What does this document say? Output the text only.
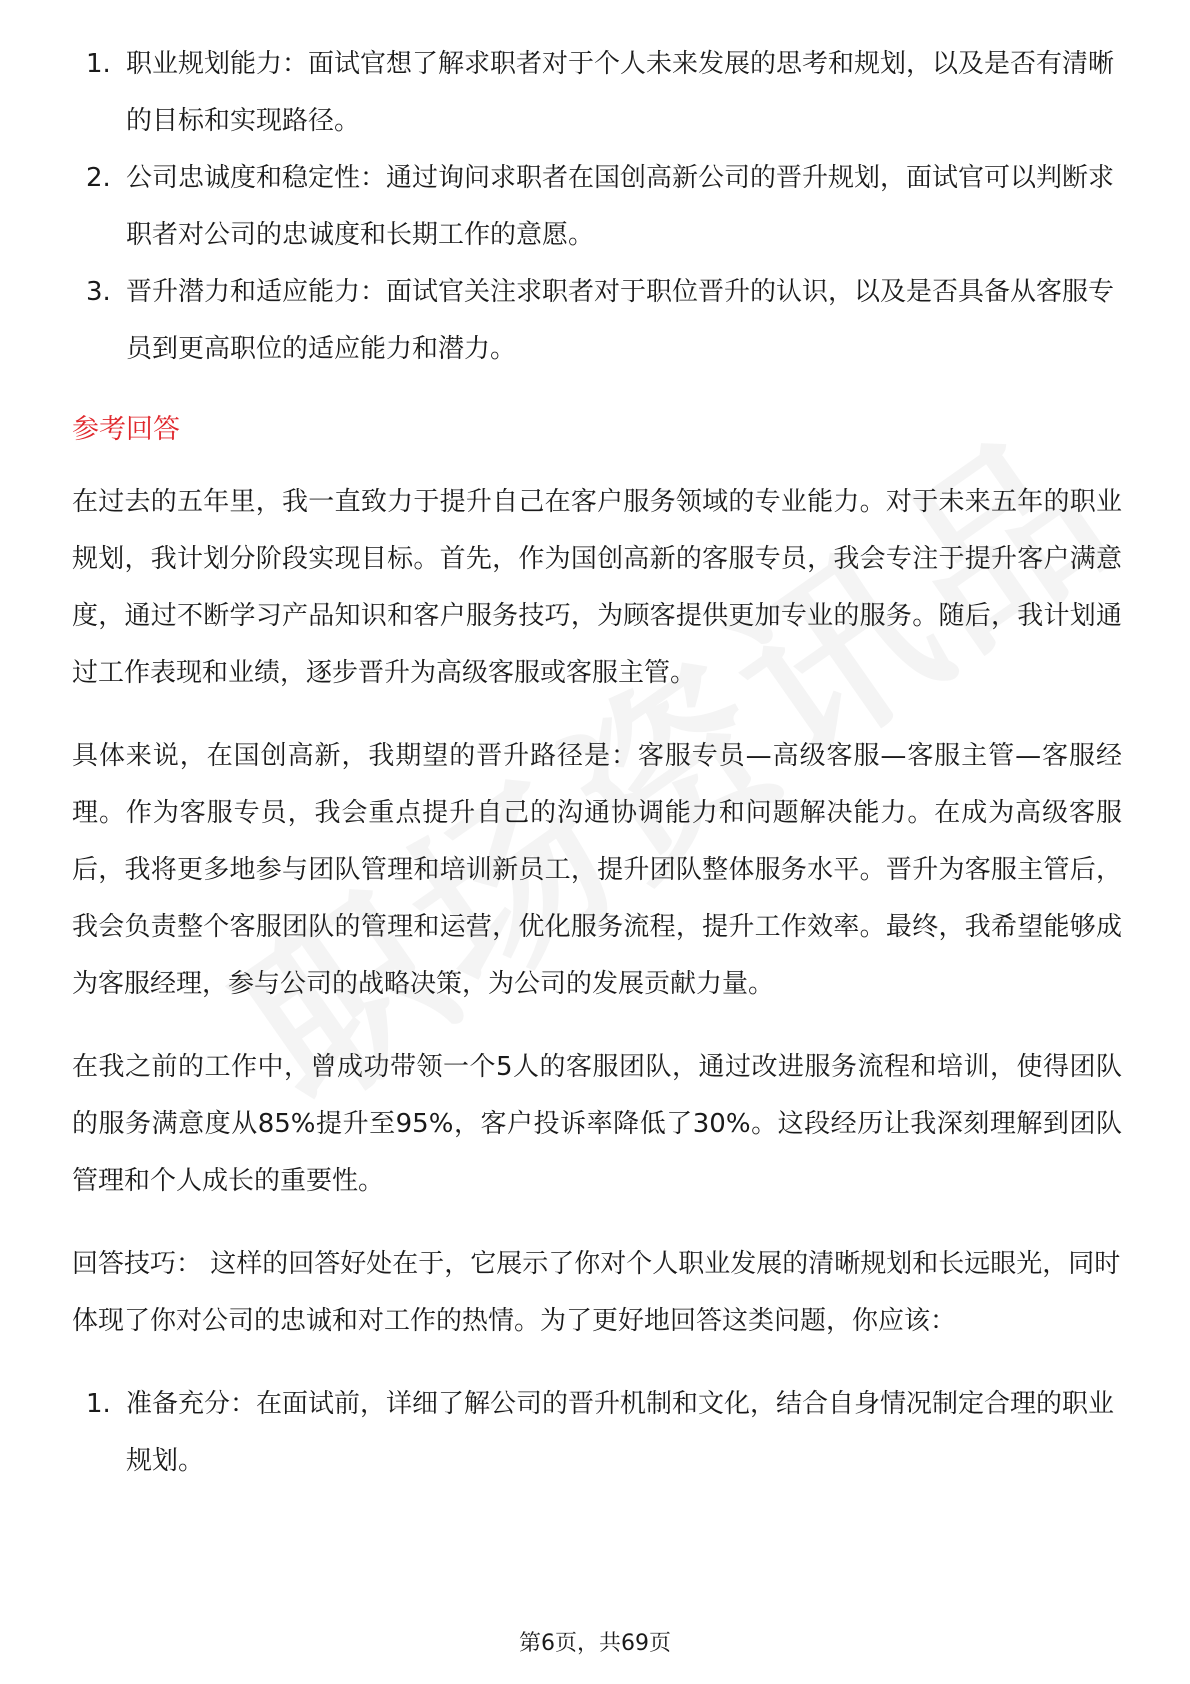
1. 职业规划能力：面试官想了解求职者对于个人未来发展的思考和规划，以及是否有清晰的目标和实现路径。
2. 公司忠诚度和稳定性：通过询问求职者在国创高新公司的晋升规划，面试官可以判断求职者对公司的忠诚度和长期工作的意愿。
3. 晋升潜力和适应能力：面试官关注求职者对于职位晋升的认识，以及是否具备从客服专员到更高职位的适应能力和潜力。
参考回答

在过去的五年里，我一直致力于提升自己在客户服务领域的专业能力。对于未来五年的职业规划，我计划分阶段实现目标。首先，作为国创高新的客服专员，我会专注于提升客户满意度，通过不断学习产品知识和客户服务技巧，为顾客提供更加专业的服务。随后，我计划通过工作表现和业绩，逐步晋升为高级客服或客服主管。

具体来说，在国创高新，我期望的晋升路径是：客服专员—高级客服—客服主管—客服经理。作为客服专员，我会重点提升自己的沟通协调能力和问题解决能力。在成为高级客服后，我将更多地参与团队管理和培训新员工，提升团队整体服务水平。晋升为客服主管后，我会负责整个客服团队的管理和运营，优化服务流程，提升工作效率。最终，我希望能够成为客服经理，参与公司的战略决策，为公司的发展贡献力量。

在我之前的工作中，曾成功带领一个5人的客服团队，通过改进服务流程和培训，使得团队的服务满意度从85%提升至95%，客户投诉率降低了30%。这段经历让我深刻理解到团队管理和个人成长的重要性。

回答技巧： 这样的回答好处在于，它展示了你对个人职业发展的清晰规划和长远眼光，同时体现了你对公司的忠诚和对工作的热情。为了更好地回答这类问题，你应该：

1. 准备充分：在面试前，详细了解公司的晋升机制和文化，结合自身情况制定合理的职业规划。
第6页，共69页
